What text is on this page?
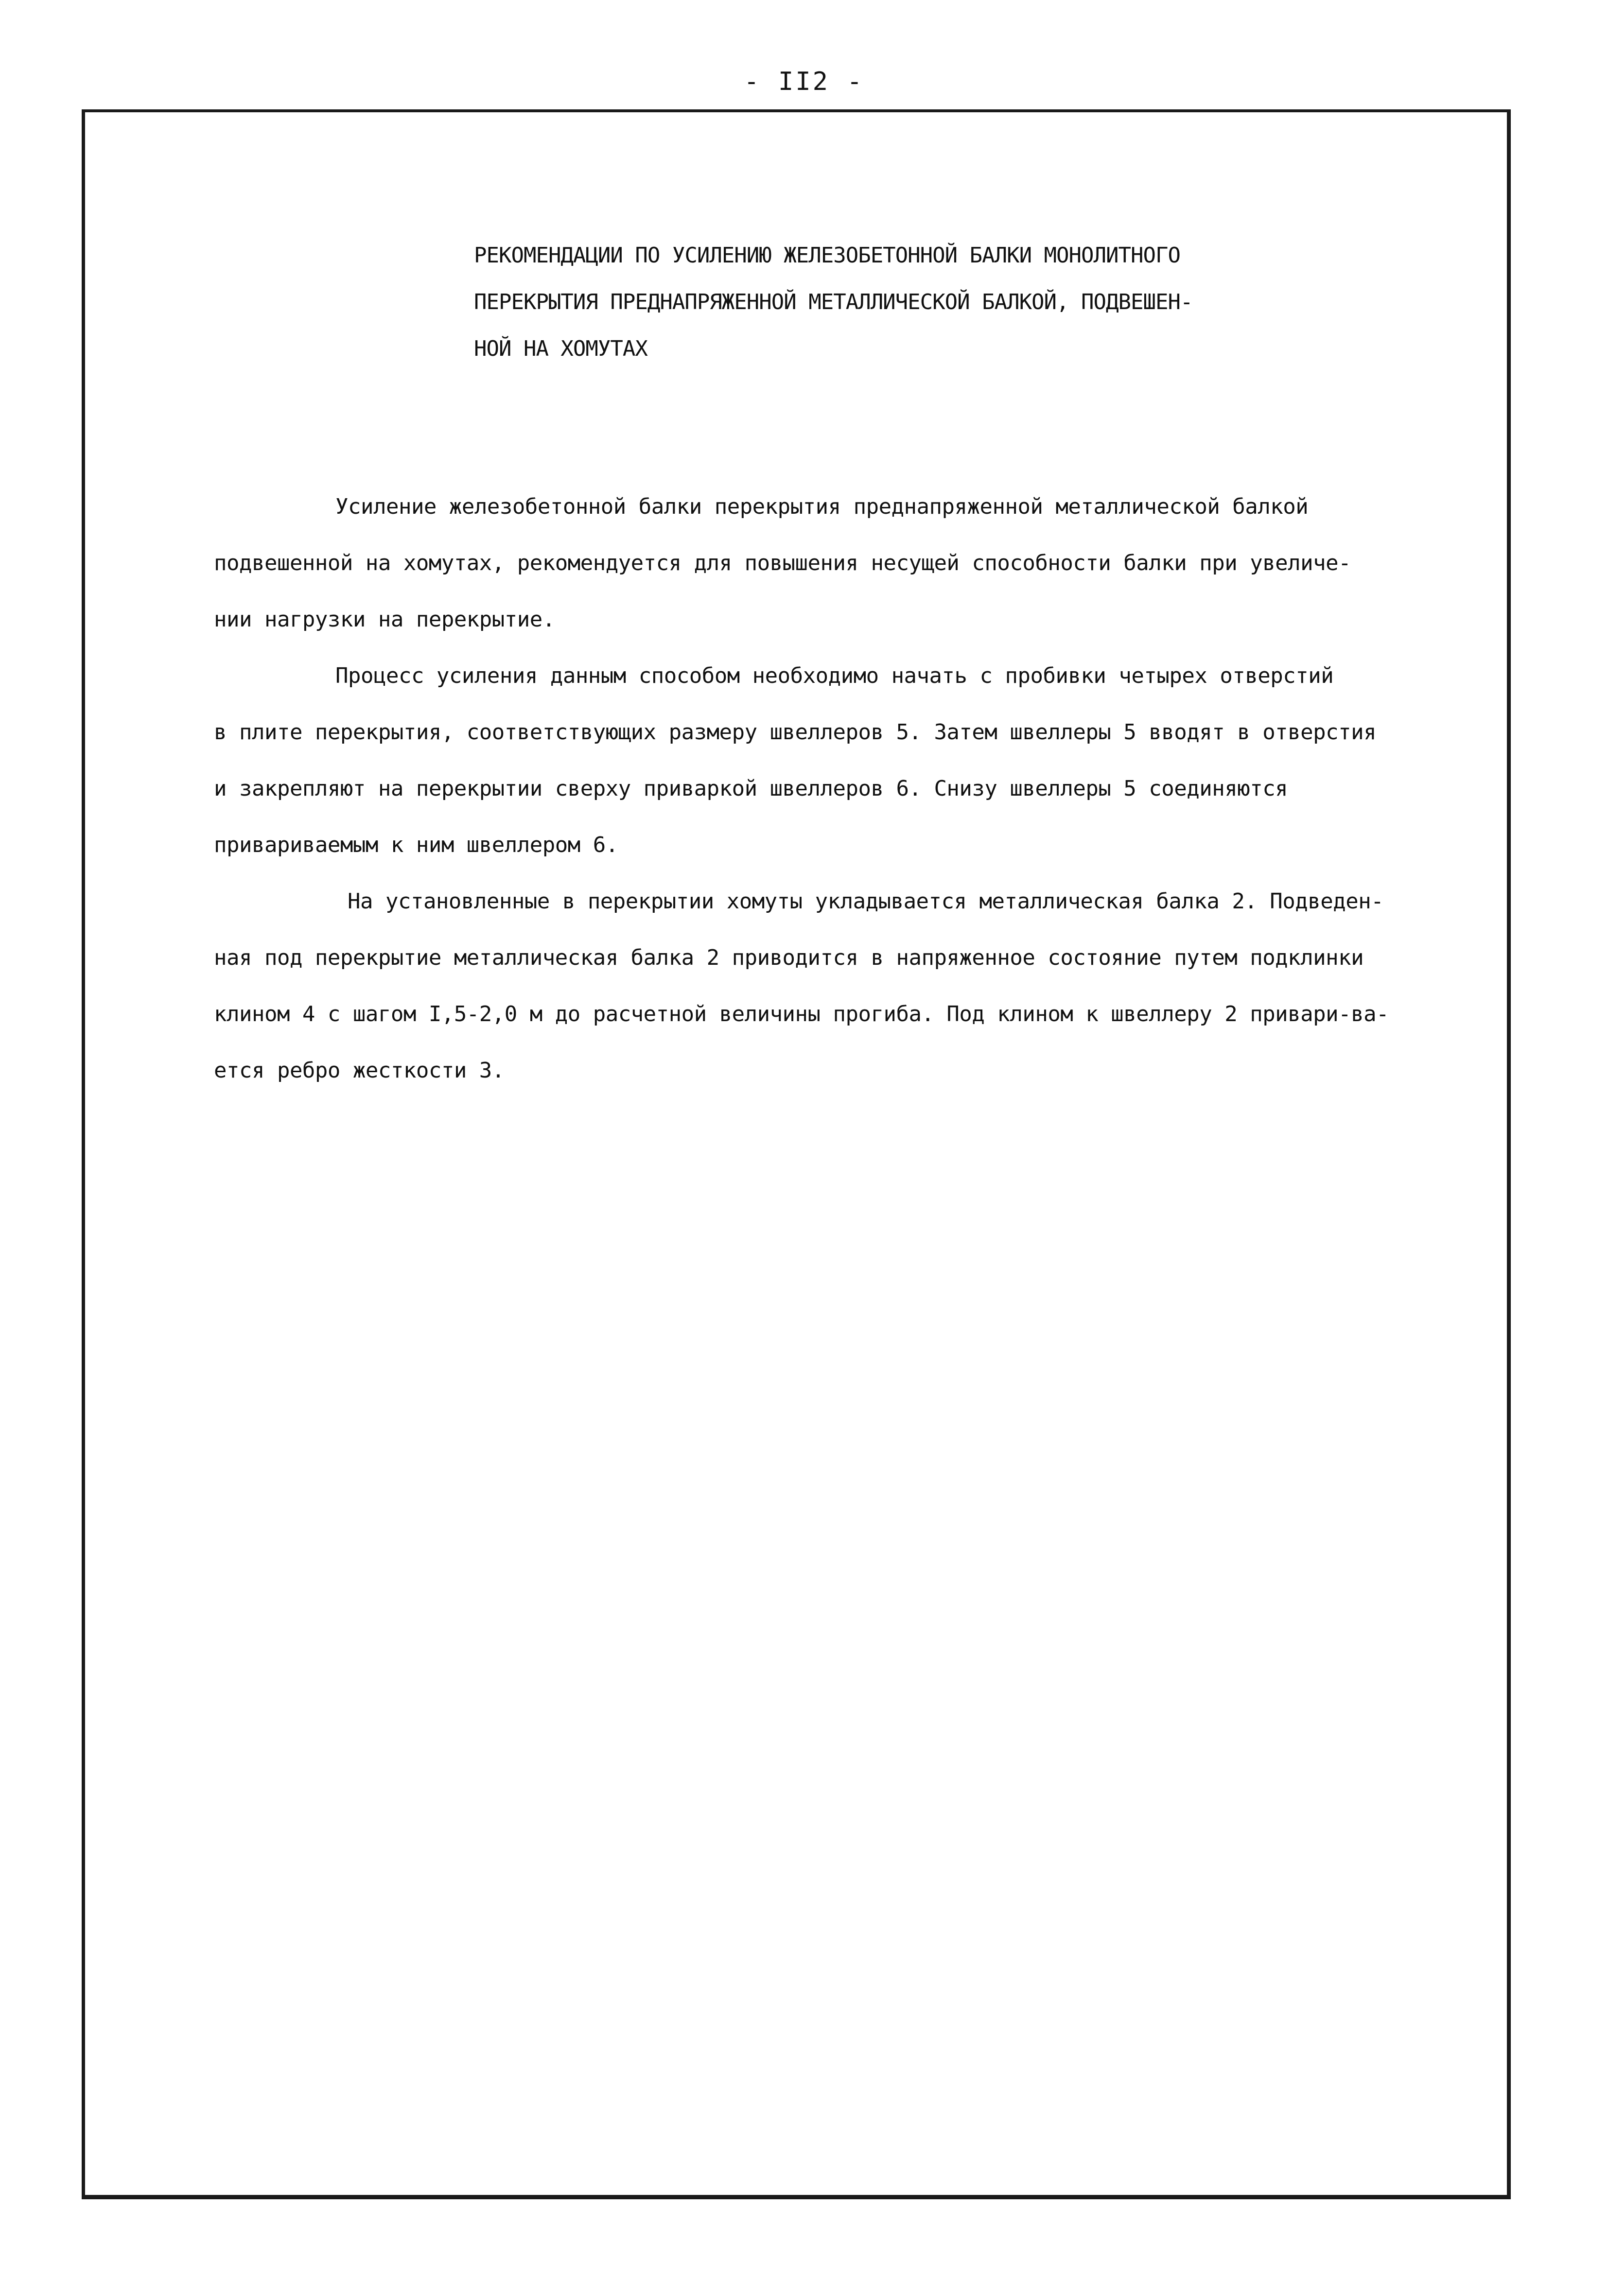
- II2 -
РЕКОМЕНДАЦИИ ПО УСИЛЕНИЮ ЖЕЛЕЗОБЕТОННОЙ БАЛКИ МОНОЛИТНОГО
ПЕРЕКРЫТИЯ ПРЕДНАПРЯЖЕННОЙ МЕТАЛЛИЧЕСКОЙ БАЛКОЙ, ПОДВЕШЕН-
НОЙ НА ХОМУТАХ
Усиление железобетонной балки перекрытия преднапряженной металлической балкой
подвешенной на хомутах, рекомендуется для повышения несущей способности балки при увеличе-
нии нагрузки на перекрытие.
Процесс усиления данным способом необходимо начать с пробивки четырех отверстий
в плите перекрытия, соответствующих размеру швеллеров 5. Затем швеллеры 5 вводят в отверстия
и закрепляют на перекрытии сверху приваркой швеллеров 6. Снизу швеллеры 5 соединяются
привариваемым к ним швеллером 6.
На установленные в перекрытии хомуты укладывается металлическая балка 2. Подведен-
ная под перекрытие металлическая балка 2 приводится в напряженное состояние путем подклинки
клином 4 с шагом I,5-2,0 м до расчетной величины прогиба. Под клином к швеллеру 2 привари-ва-
ется ребро жесткости 3.
